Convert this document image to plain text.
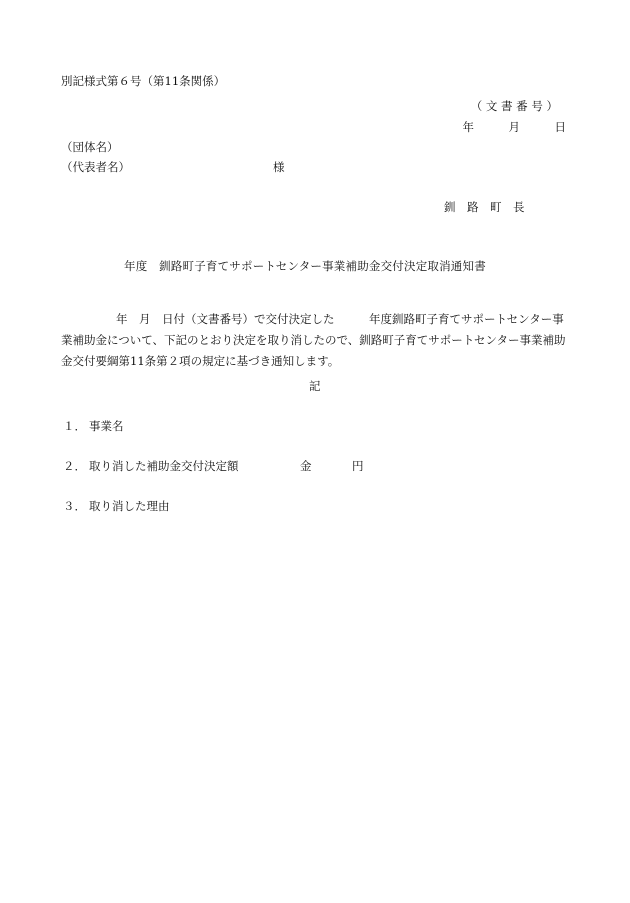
別記様式第６号（第11条関係）

（ 文 書 番 号 ）

年　　　月　　　日

（団体名）

（代表者名）	様

釧　路　町　長

年度　釧路町子育てサポートセンター事業補助金交付決定取消通知書

年　月　日付（文書番号）で交付決定した　　　年度釧路町子育てサポートセンター事業補助金について、下記のとおり決定を取り消したので、釧路町子育てサポートセンター事業補助金交付要綱第11条第２項の規定に基づき通知します。

記

１． 事業名
２． 取り消した補助金交付決定額	金	円
３． 取り消した理由
